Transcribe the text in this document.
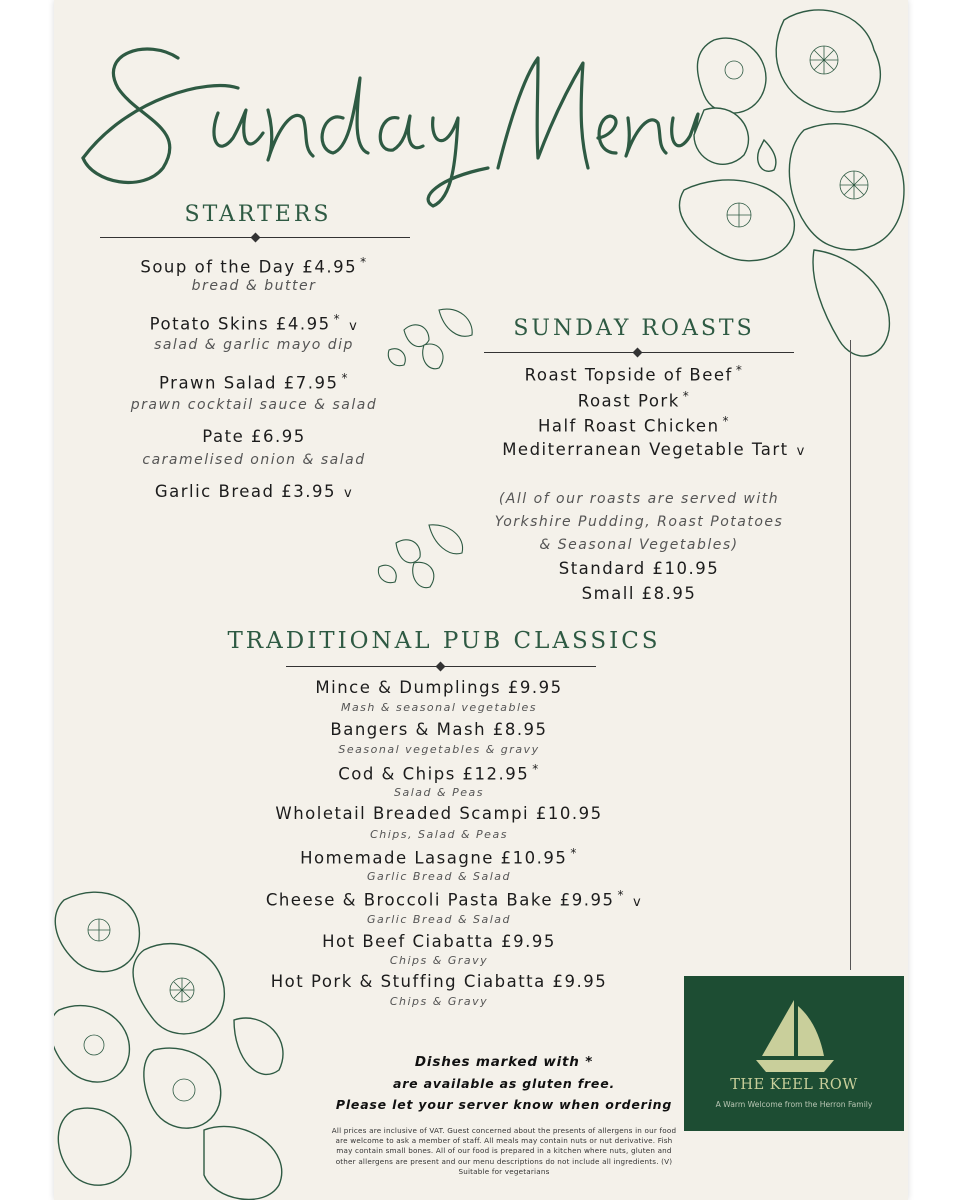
STARTERS
Soup of the Day £4.95 *
bread & butter
Potato Skins £4.95 * v
salad & garlic mayo dip
Prawn Salad £7.95 *
prawn cocktail sauce & salad
Pate £6.95
caramelised onion & salad
Garlic Bread £3.95 v
SUNDAY ROASTS
Roast Topside of Beef *
Roast Pork *
Half Roast Chicken *
Mediterranean Vegetable Tart v
(All of our roasts are served with
Yorkshire Pudding, Roast Potatoes
& Seasonal Vegetables)
Standard £10.95
Small £8.95
TRADITIONAL PUB CLASSICS
Mince & Dumplings £9.95
Mash & seasonal vegetables
Bangers & Mash £8.95
Seasonal vegetables & gravy
Cod & Chips £12.95 *
Salad & Peas
Wholetail Breaded Scampi £10.95
Chips, Salad & Peas
Homemade Lasagne £10.95 *
Garlic Bread & Salad
Cheese & Broccoli Pasta Bake £9.95 * v
Garlic Bread & Salad
Hot Beef Ciabatta £9.95
Chips & Gravy
Hot Pork & Stuffing Ciabatta £9.95
Chips & Gravy
Dishes marked with *
are available as gluten free.
Please let your server know when ordering
All prices are inclusive of VAT. Guest concerned about the presents of allergens in our food are welcome to ask a member of staff. All meals may contain nuts or nut derivative. Fish may contain small bones. All of our food is prepared in a kitchen where nuts, gluten and other allergens are present and our menu descriptions do not include all ingredients. (V) Suitable for vegetarians
THE KEEL ROW
A Warm Welcome from the Herron Family
